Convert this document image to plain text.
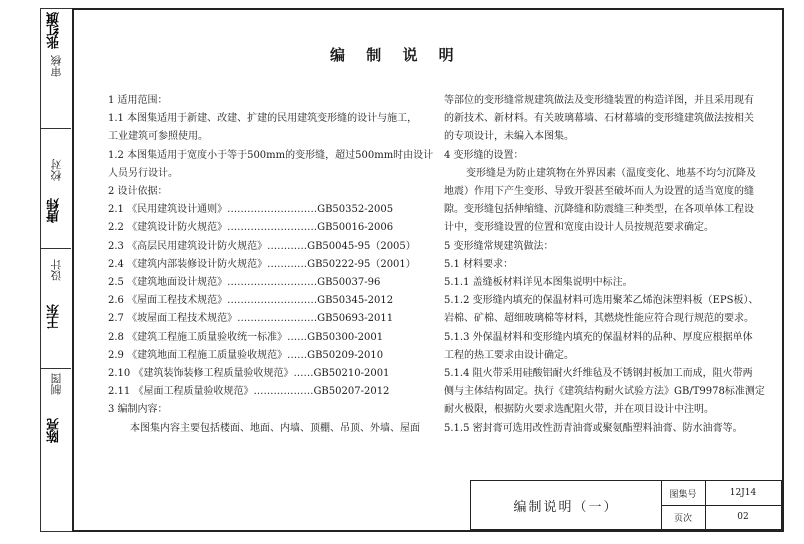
审核
张红旗
校对
唐炜
设计
王东
制图
陈亮
编 制 说 明

1 适用范围：

1.1 本图集适用于新建、改建、扩建的民用建筑变形缝的设计与施工，

工业建筑可参照使用。

1.2 本图集适用于宽度小于等于500mm的变形缝，超过500mm时由设计

人员另行设计。

2 设计依据：

2.1 《民用建筑设计通则》………………………GB50352-2005

2.2 《建筑设计防火规范》………………………GB50016-2006

2.3 《高层民用建筑设计防火规范》…………GB50045-95（2005）

2.4 《建筑内部装修设计防火规范》…………GB50222-95（2001）

2.5 《建筑地面设计规范》………………………GB50037-96

2.6 《屋面工程技术规范》………………………GB50345-2012

2.7 《坡屋面工程技术规范》……………………GB50693-2011

2.8 《建筑工程施工质量验收统一标准》……GB50300-2001

2.9 《建筑地面工程施工质量验收规范》……GB50209-2010

2.10 《建筑装饰装修工程质量验收规范》……GB50210-2001

2.11 《屋面工程质量验收规范》………………GB50207-2012

3 编制内容：

本图集内容主要包括楼面、地面、内墙、顶棚、吊顶、外墙、屋面

等部位的变形缝常规建筑做法及变形缝装置的构造详图，并且采用现有

的新技术、新材料。有关玻璃幕墙、石材幕墙的变形缝建筑做法按相关

的专项设计，未编入本图集。

4 变形缝的设置：

变形缝是为防止建筑物在外界因素（温度变化、地基不均匀沉降及

地震）作用下产生变形、导致开裂甚至破坏而人为设置的适当宽度的缝

隙。变形缝包括伸缩缝、沉降缝和防震缝三种类型，在各项单体工程设

计中，变形缝设置的位置和宽度由设计人员按规范要求确定。

5 变形缝常规建筑做法：

5.1 材料要求：

5.1.1 盖缝板材料详见本图集说明中标注。

5.1.2 变形缝内填充的保温材料可选用聚苯乙烯泡沫塑料板（EPS板）、

岩棉、矿棉、超细玻璃棉等材料，其燃烧性能应符合现行规范的要求。

5.1.3 外保温材料和变形缝内填充的保温材料的品种、厚度应根据单体

工程的热工要求由设计确定。

5.1.4 阻火带采用硅酸铝耐火纤维毡及不锈钢封板加工而成，阻火带两

侧与主体结构固定。执行《建筑结构耐火试验方法》GB/T9978标准测定

耐火极限，根据防火要求选配阻火带，并在项目设计中注明。

5.1.5 密封膏可选用改性沥青油膏或聚氨酯塑料油膏、防水油膏等。

编制说明（一）
图集号	12J14
页次	02
